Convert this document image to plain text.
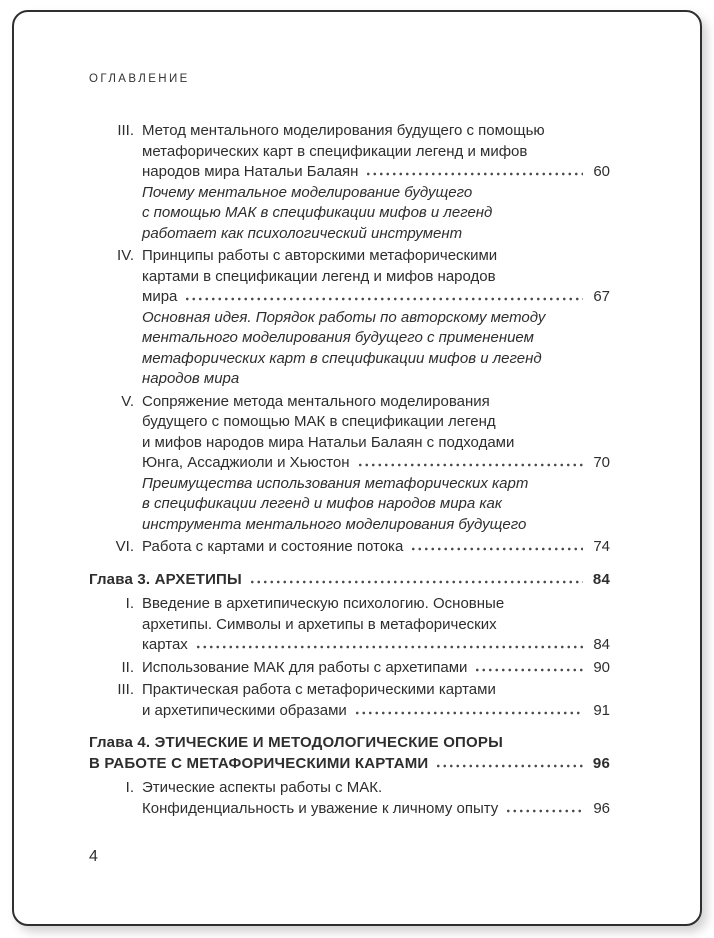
ОГЛАВЛЕНИЕ
III. Метод ментального моделирования будущего с помощью
метафорических карт в спецификации легенд и мифов
народов мира Натальи Балаян	60
Почему ментальное моделирование будущего
с помощью МАК в спецификации мифов и легенд
работает как психологический инструмент
IV. Принципы работы с авторскими метафорическими
картами в спецификации легенд и мифов народов
мира	67
Основная идея. Порядок работы по авторскому методу
ментального моделирования будущего с применением
метафорических карт в спецификации мифов и легенд
народов мира
V. Сопряжение метода ментального моделирования
будущего с помощью МАК в спецификации легенд
и мифов народов мира Натальи Балаян с подходами
Юнга, Ассаджиоли и Хьюстон	70
Преимущества использования метафорических карт
в спецификации легенд и мифов народов мира как
инструмента ментального моделирования будущего
VI. Работа с картами и состояние потока	74
Глава 3. АРХЕТИПЫ	84
I. Введение в архетипическую психологию. Основные
архетипы. Символы и архетипы в метафорических
картах	84
II. Использование МАК для работы с архетипами	90
III. Практическая работа с метафорическими картами
и архетипическими образами	91
Глава 4. ЭТИЧЕСКИЕ И МЕТОДОЛОГИЧЕСКИЕ ОПОРЫ
В РАБОТЕ С МЕТАФОРИЧЕСКИМИ КАРТАМИ	96
I. Этические аспекты работы с МАК.
Конфиденциальность и уважение к личному опыту	96
4
